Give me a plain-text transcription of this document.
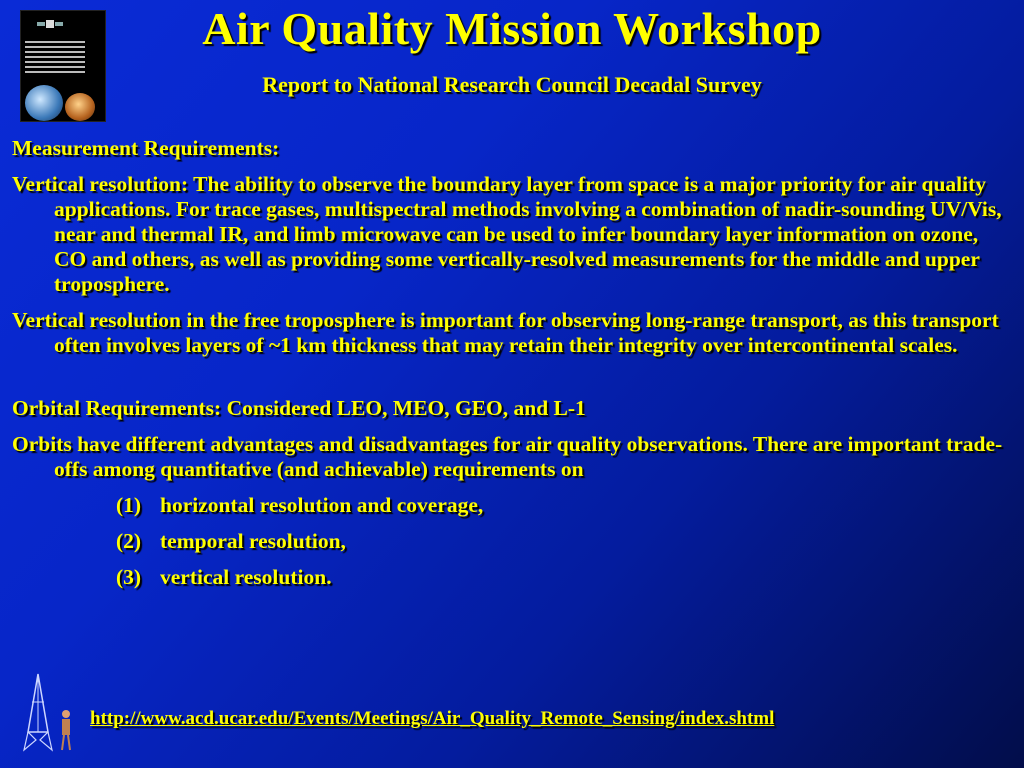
Air Quality Mission Workshop
Report to National Research Council Decadal Survey

Measurement Requirements:

Vertical resolution: The ability to observe the boundary layer from space is a major priority for air quality applications. For trace gases, multispectral methods involving a combination of nadir-sounding UV/Vis, near and thermal IR, and limb microwave can be used to infer boundary layer information on ozone, CO and others, as well as providing some vertically-resolved measurements for the middle and upper troposphere.

Vertical resolution in the free troposphere is important for observing long-range transport, as this transport often involves layers of ~1 km thickness that may retain their integrity over intercontinental scales.

Orbital Requirements: Considered LEO, MEO, GEO, and L-1

Orbits have different advantages and disadvantages for air quality observations. There are important trade-offs among quantitative (and achievable) requirements on

(1) horizontal resolution and coverage,
(2) temporal resolution,
(3) vertical resolution.
http://www.acd.ucar.edu/Events/Meetings/Air_Quality_Remote_Sensing/index.shtml
